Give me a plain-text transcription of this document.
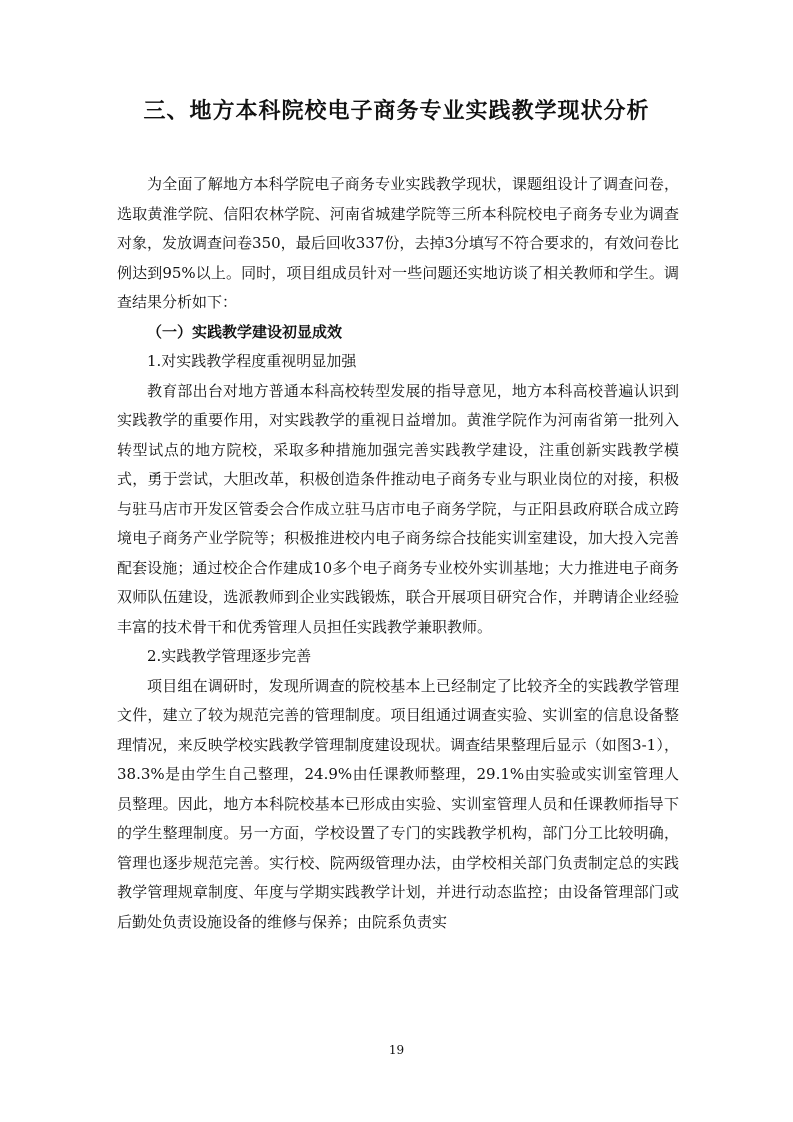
三、地方本科院校电子商务专业实践教学现状分析

为全面了解地方本科学院电子商务专业实践教学现状，课题组设计了调查问卷，选取黄淮学院、信阳农林学院、河南省城建学院等三所本科院校电子商务专业为调查对象，发放调查问卷350，最后回收337份，去掉3分填写不符合要求的，有效问卷比例达到95%以上。同时，项目组成员针对一些问题还实地访谈了相关教师和学生。调查结果分析如下：

（一）实践教学建设初显成效

1.对实践教学程度重视明显加强

教育部出台对地方普通本科高校转型发展的指导意见，地方本科高校普遍认识到实践教学的重要作用，对实践教学的重视日益增加。黄淮学院作为河南省第一批列入转型试点的地方院校，采取多种措施加强完善实践教学建设，注重创新实践教学模式，勇于尝试，大胆改革，积极创造条件推动电子商务专业与职业岗位的对接，积极与驻马店市开发区管委会合作成立驻马店市电子商务学院，与正阳县政府联合成立跨境电子商务产业学院等；积极推进校内电子商务综合技能实训室建设，加大投入完善配套设施；通过校企合作建成10多个电子商务专业校外实训基地；大力推进电子商务双师队伍建设，选派教师到企业实践锻炼，联合开展项目研究合作，并聘请企业经验丰富的技术骨干和优秀管理人员担任实践教学兼职教师。

2.实践教学管理逐步完善

项目组在调研时，发现所调查的院校基本上已经制定了比较齐全的实践教学管理文件，建立了较为规范完善的管理制度。项目组通过调查实验、实训室的信息设备整理情况，来反映学校实践教学管理制度建设现状。调查结果整理后显示（如图3-1），38.3%是由学生自己整理，24.9%由任课教师整理，29.1%由实验或实训室管理人员整理。因此，地方本科院校基本已形成由实验、实训室管理人员和任课教师指导下的学生整理制度。另一方面，学校设置了专门的实践教学机构，部门分工比较明确，管理也逐步规范完善。实行校、院两级管理办法，由学校相关部门负责制定总的实践教学管理规章制度、年度与学期实践教学计划，并进行动态监控；由设备管理部门或后勤处负责设施设备的维修与保养；由院系负责实

19
